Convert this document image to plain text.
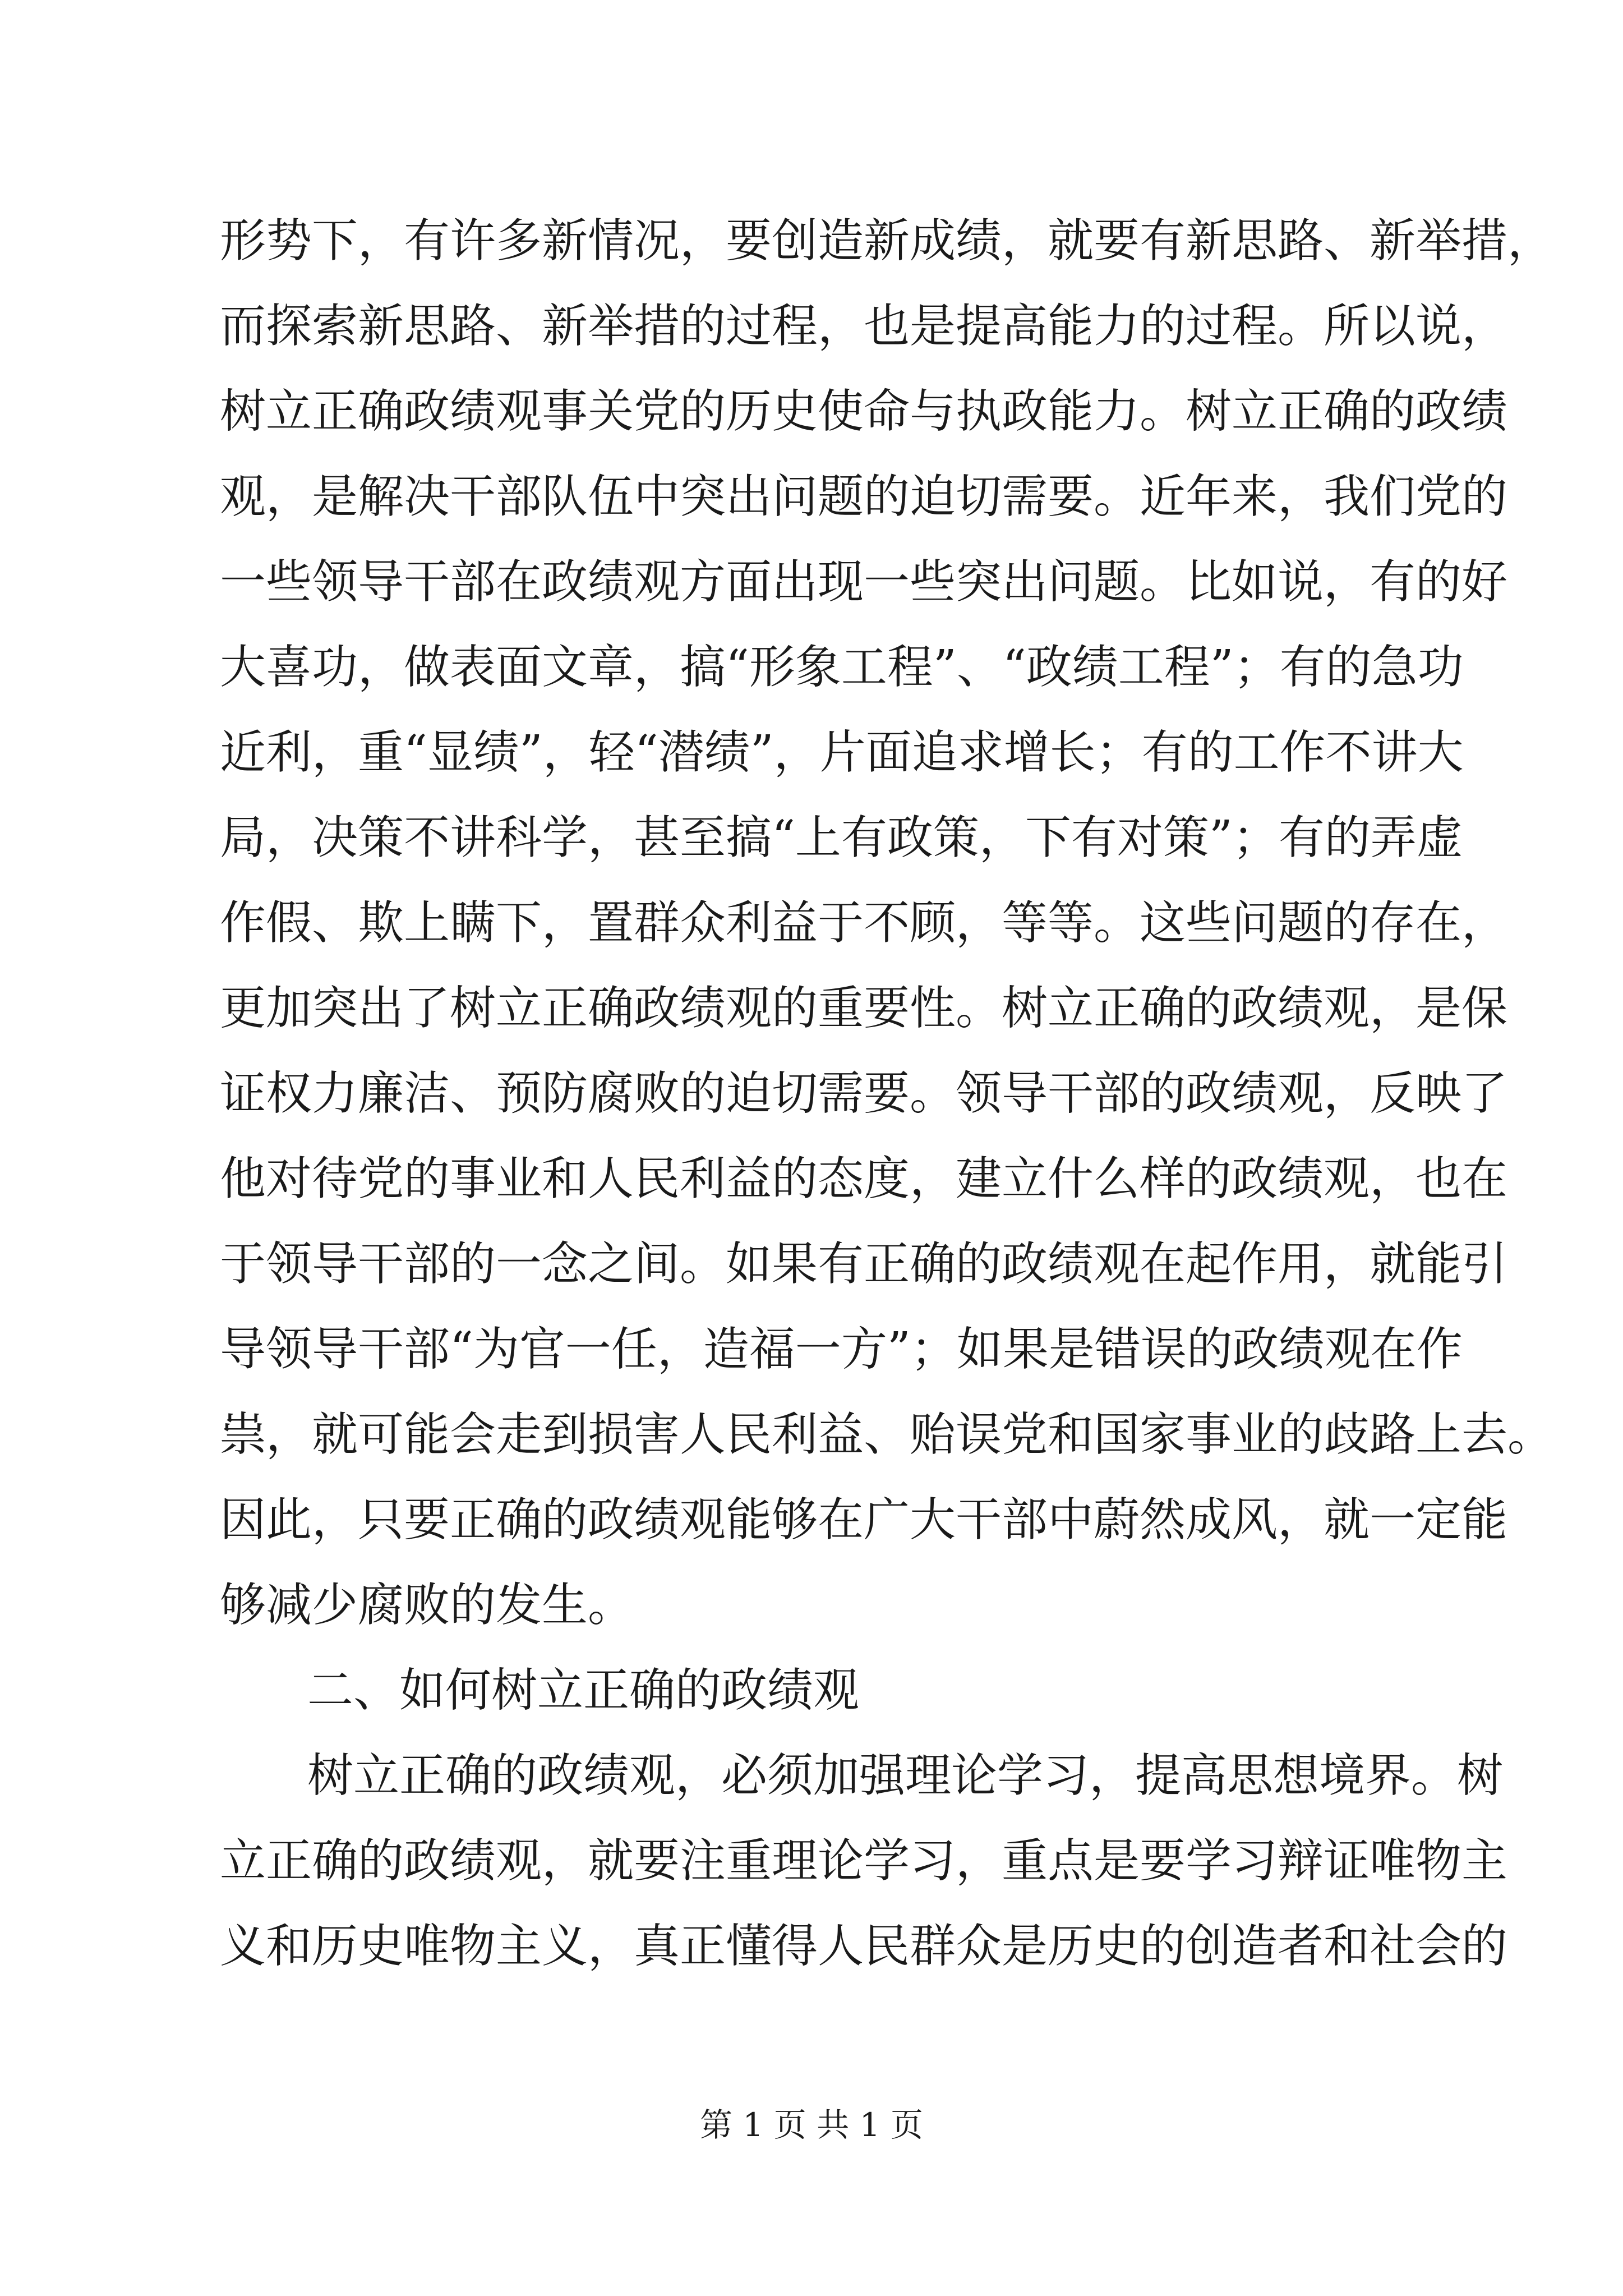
形势下，有许多新情况，要创造新成绩，就要有新思路、新举措，
而探索新思路、新举措的过程，也是提高能力的过程。所以说，
树立正确政绩观事关党的历史使命与执政能力。树立正确的政绩
观，是解决干部队伍中突出问题的迫切需要。近年来，我们党的
一些领导干部在政绩观方面出现一些突出问题。比如说，有的好
大喜功，做表面文章，搞“形象工程”、“政绩工程”；有的急功
近利，重“显绩”，轻“潜绩”，片面追求增长；有的工作不讲大
局，决策不讲科学，甚至搞“上有政策，下有对策”；有的弄虚
作假、欺上瞒下，置群众利益于不顾，等等。这些问题的存在，
更加突出了树立正确政绩观的重要性。树立正确的政绩观，是保
证权力廉洁、预防腐败的迫切需要。领导干部的政绩观，反映了
他对待党的事业和人民利益的态度，建立什么样的政绩观，也在
于领导干部的一念之间。如果有正确的政绩观在起作用，就能引
导领导干部“为官一任，造福一方”；如果是错误的政绩观在作
祟，就可能会走到损害人民利益、贻误党和国家事业的歧路上去。
因此，只要正确的政绩观能够在广大干部中蔚然成风，就一定能
够减少腐败的发生。
二、如何树立正确的政绩观
树立正确的政绩观，必须加强理论学习，提高思想境界。树
立正确的政绩观，就要注重理论学习，重点是要学习辩证唯物主
义和历史唯物主义，真正懂得人民群众是历史的创造者和社会的
第 1 页 共 1 页
